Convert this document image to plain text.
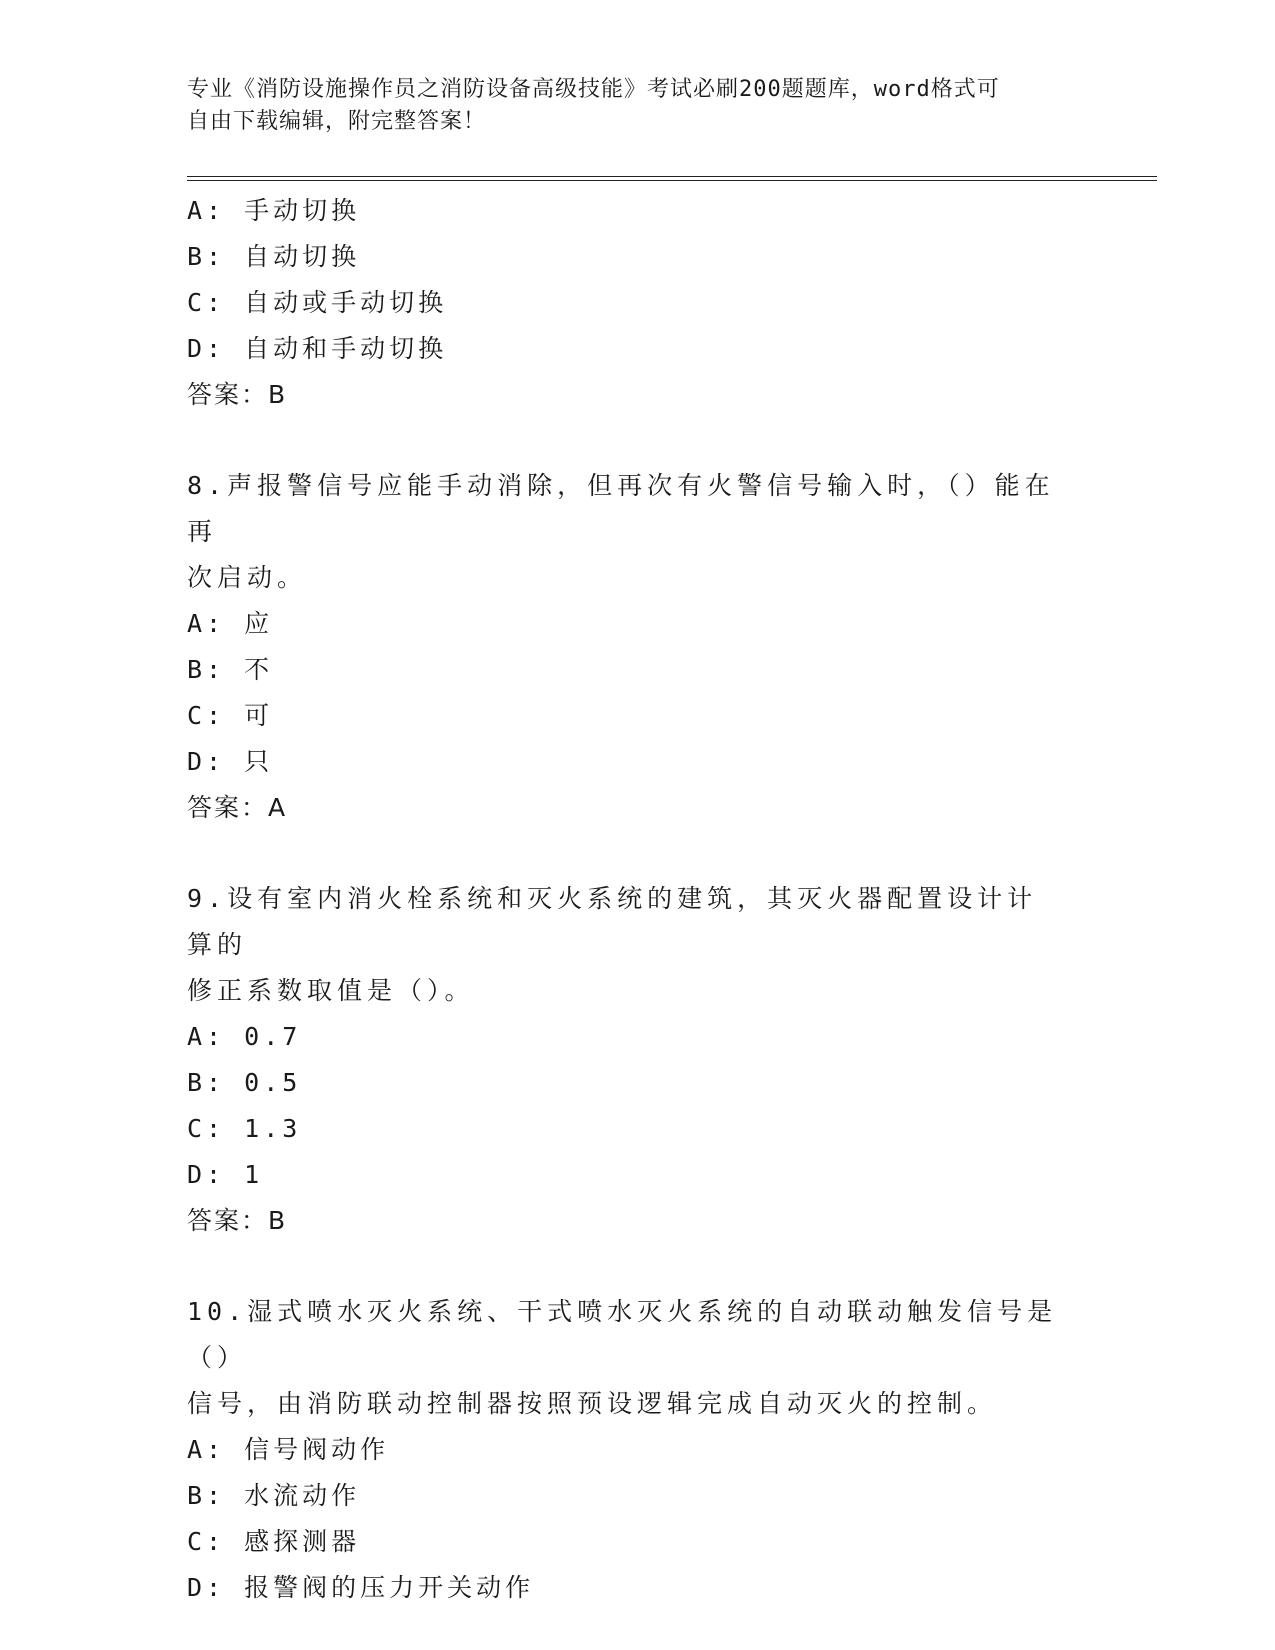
专业《消防设施操作员之消防设备高级技能》考试必刷200题题库，word格式可
自由下载编辑，附完整答案！
A: 手动切换
B: 自动切换
C: 自动或手动切换
D: 自动和手动切换
答案：B
8.声报警信号应能手动消除，但再次有火警信号输入时，（）能在再
次启动。
A: 应
B: 不
C: 可
D: 只
答案：A
9.设有室内消火栓系统和灭火系统的建筑，其灭火器配置设计计算的
修正系数取值是（）。
A: 0.7
B: 0.5
C: 1.3
D: 1
答案：B
10.湿式喷水灭火系统、干式喷水灭火系统的自动联动触发信号是（）
信号，由消防联动控制器按照预设逻辑完成自动灭火的控制。
A: 信号阀动作
B: 水流动作
C: 感探测器
D: 报警阀的压力开关动作
